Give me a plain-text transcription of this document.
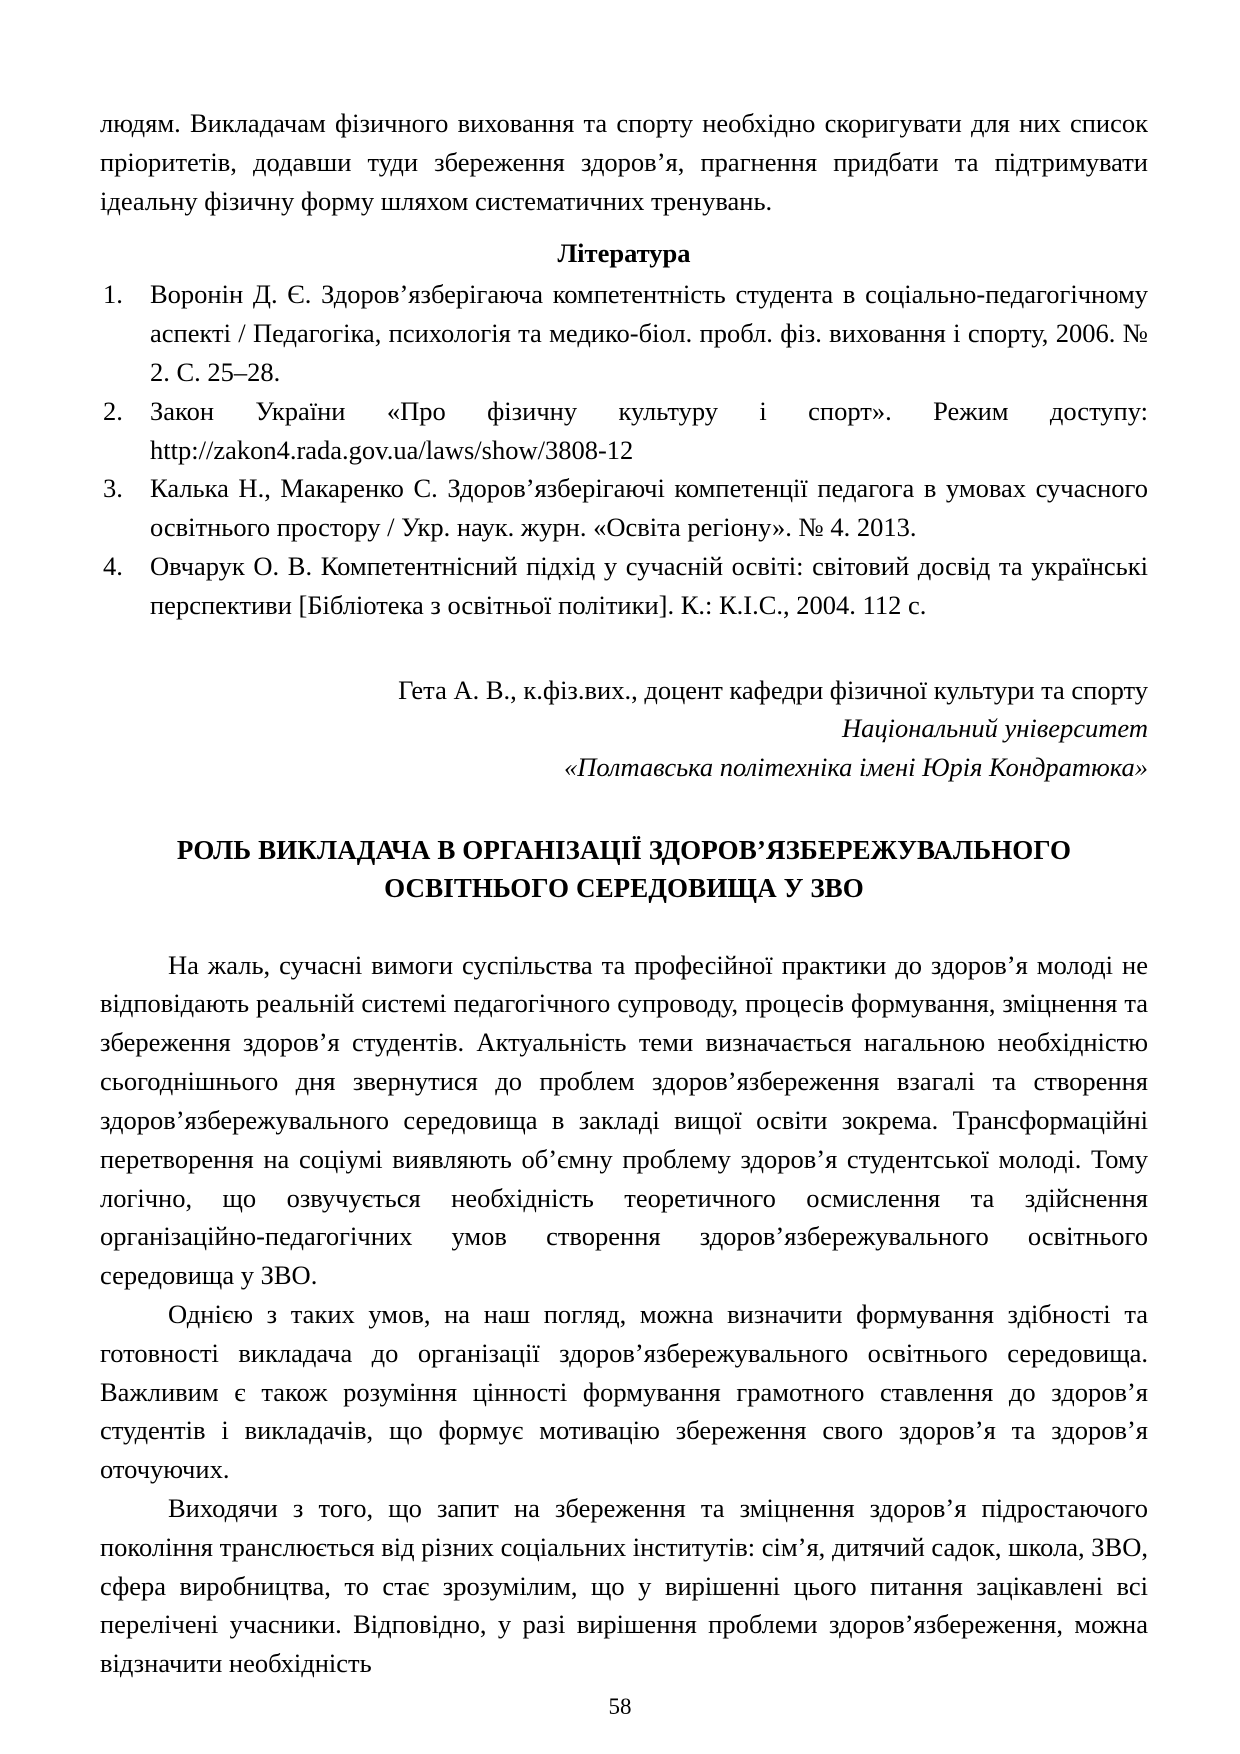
людям. Викладачам фізичного виховання та спорту необхідно скоригувати для них список пріоритетів, додавши туди збереження здоров’я, прагнення придбати та підтримувати ідеальну фізичну форму шляхом систематичних тренувань.

Література
Воронін Д. Є. Здоров’язберігаюча компетентність студента в соціально-педагогічному аспекті / Педагогіка, психологія та медико-біол. пробл. фіз. виховання і спорту, 2006. № 2. С. 25–28.
Закон України «Про фізичну культуру і спорт». Режим доступу: http://zakon4.rada.gov.ua/laws/show/3808-12
Калька Н., Макаренко С. Здоров’язберігаючі компетенції педагога в умовах сучасного освітнього простору / Укр. наук. журн. «Освіта регіону». № 4. 2013.
Овчарук О. В. Компетентнісний підхід у сучасній освіті: світовий досвід та українські перспективи [Бібліотека з освітньої політики]. К.: К.І.С., 2004. 112 с.
Гета А. В., к.фіз.вих., доцент кафедри фізичної культури та спорту
Національний університет
«Полтавська політехніка імені Юрія Кондратюка»
РОЛЬ ВИКЛАДАЧА В ОРГАНІЗАЦІЇ ЗДОРОВ’ЯЗБЕРЕЖУВАЛЬНОГО
ОСВІТНЬОГО СЕРЕДОВИЩА У ЗВО

На жаль, сучасні вимоги суспільства та професійної практики до здоров’я молоді не відповідають реальній системі педагогічного супроводу, процесів формування, зміцнення та збереження здоров’я студентів. Актуальність теми визначається нагальною необхідністю сьогоднішнього дня звернутися до проблем здоров’язбереження взагалі та створення здоров’язбережувального середовища в закладі вищої освіти зокрема. Трансформаційні перетворення на соціумі виявляють об’ємну проблему здоров’я студентської молоді. Тому логічно, що озвучується необхідність теоретичного осмислення та здійснення організаційно-педагогічних умов створення здоров’язбережувального освітнього середовища у ЗВО.

Однією з таких умов, на наш погляд, можна визначити формування здібності та готовності викладача до організації здоров’язбережувального освітнього середовища. Важливим є також розуміння цінності формування грамотного ставлення до здоров’я студентів і викладачів, що формує мотивацію збереження свого здоров’я та здоров’я оточуючих.

Виходячи з того, що запит на збереження та зміцнення здоров’я підростаючого покоління транслюється від різних соціальних інститутів: сім’я, дитячий садок, школа, ЗВО, сфера виробництва, то стає зрозумілим, що у вирішенні цього питання зацікавлені всі перелічені учасники. Відповідно, у разі вирішення проблеми здоров’язбереження, можна відзначити необхідність

58
